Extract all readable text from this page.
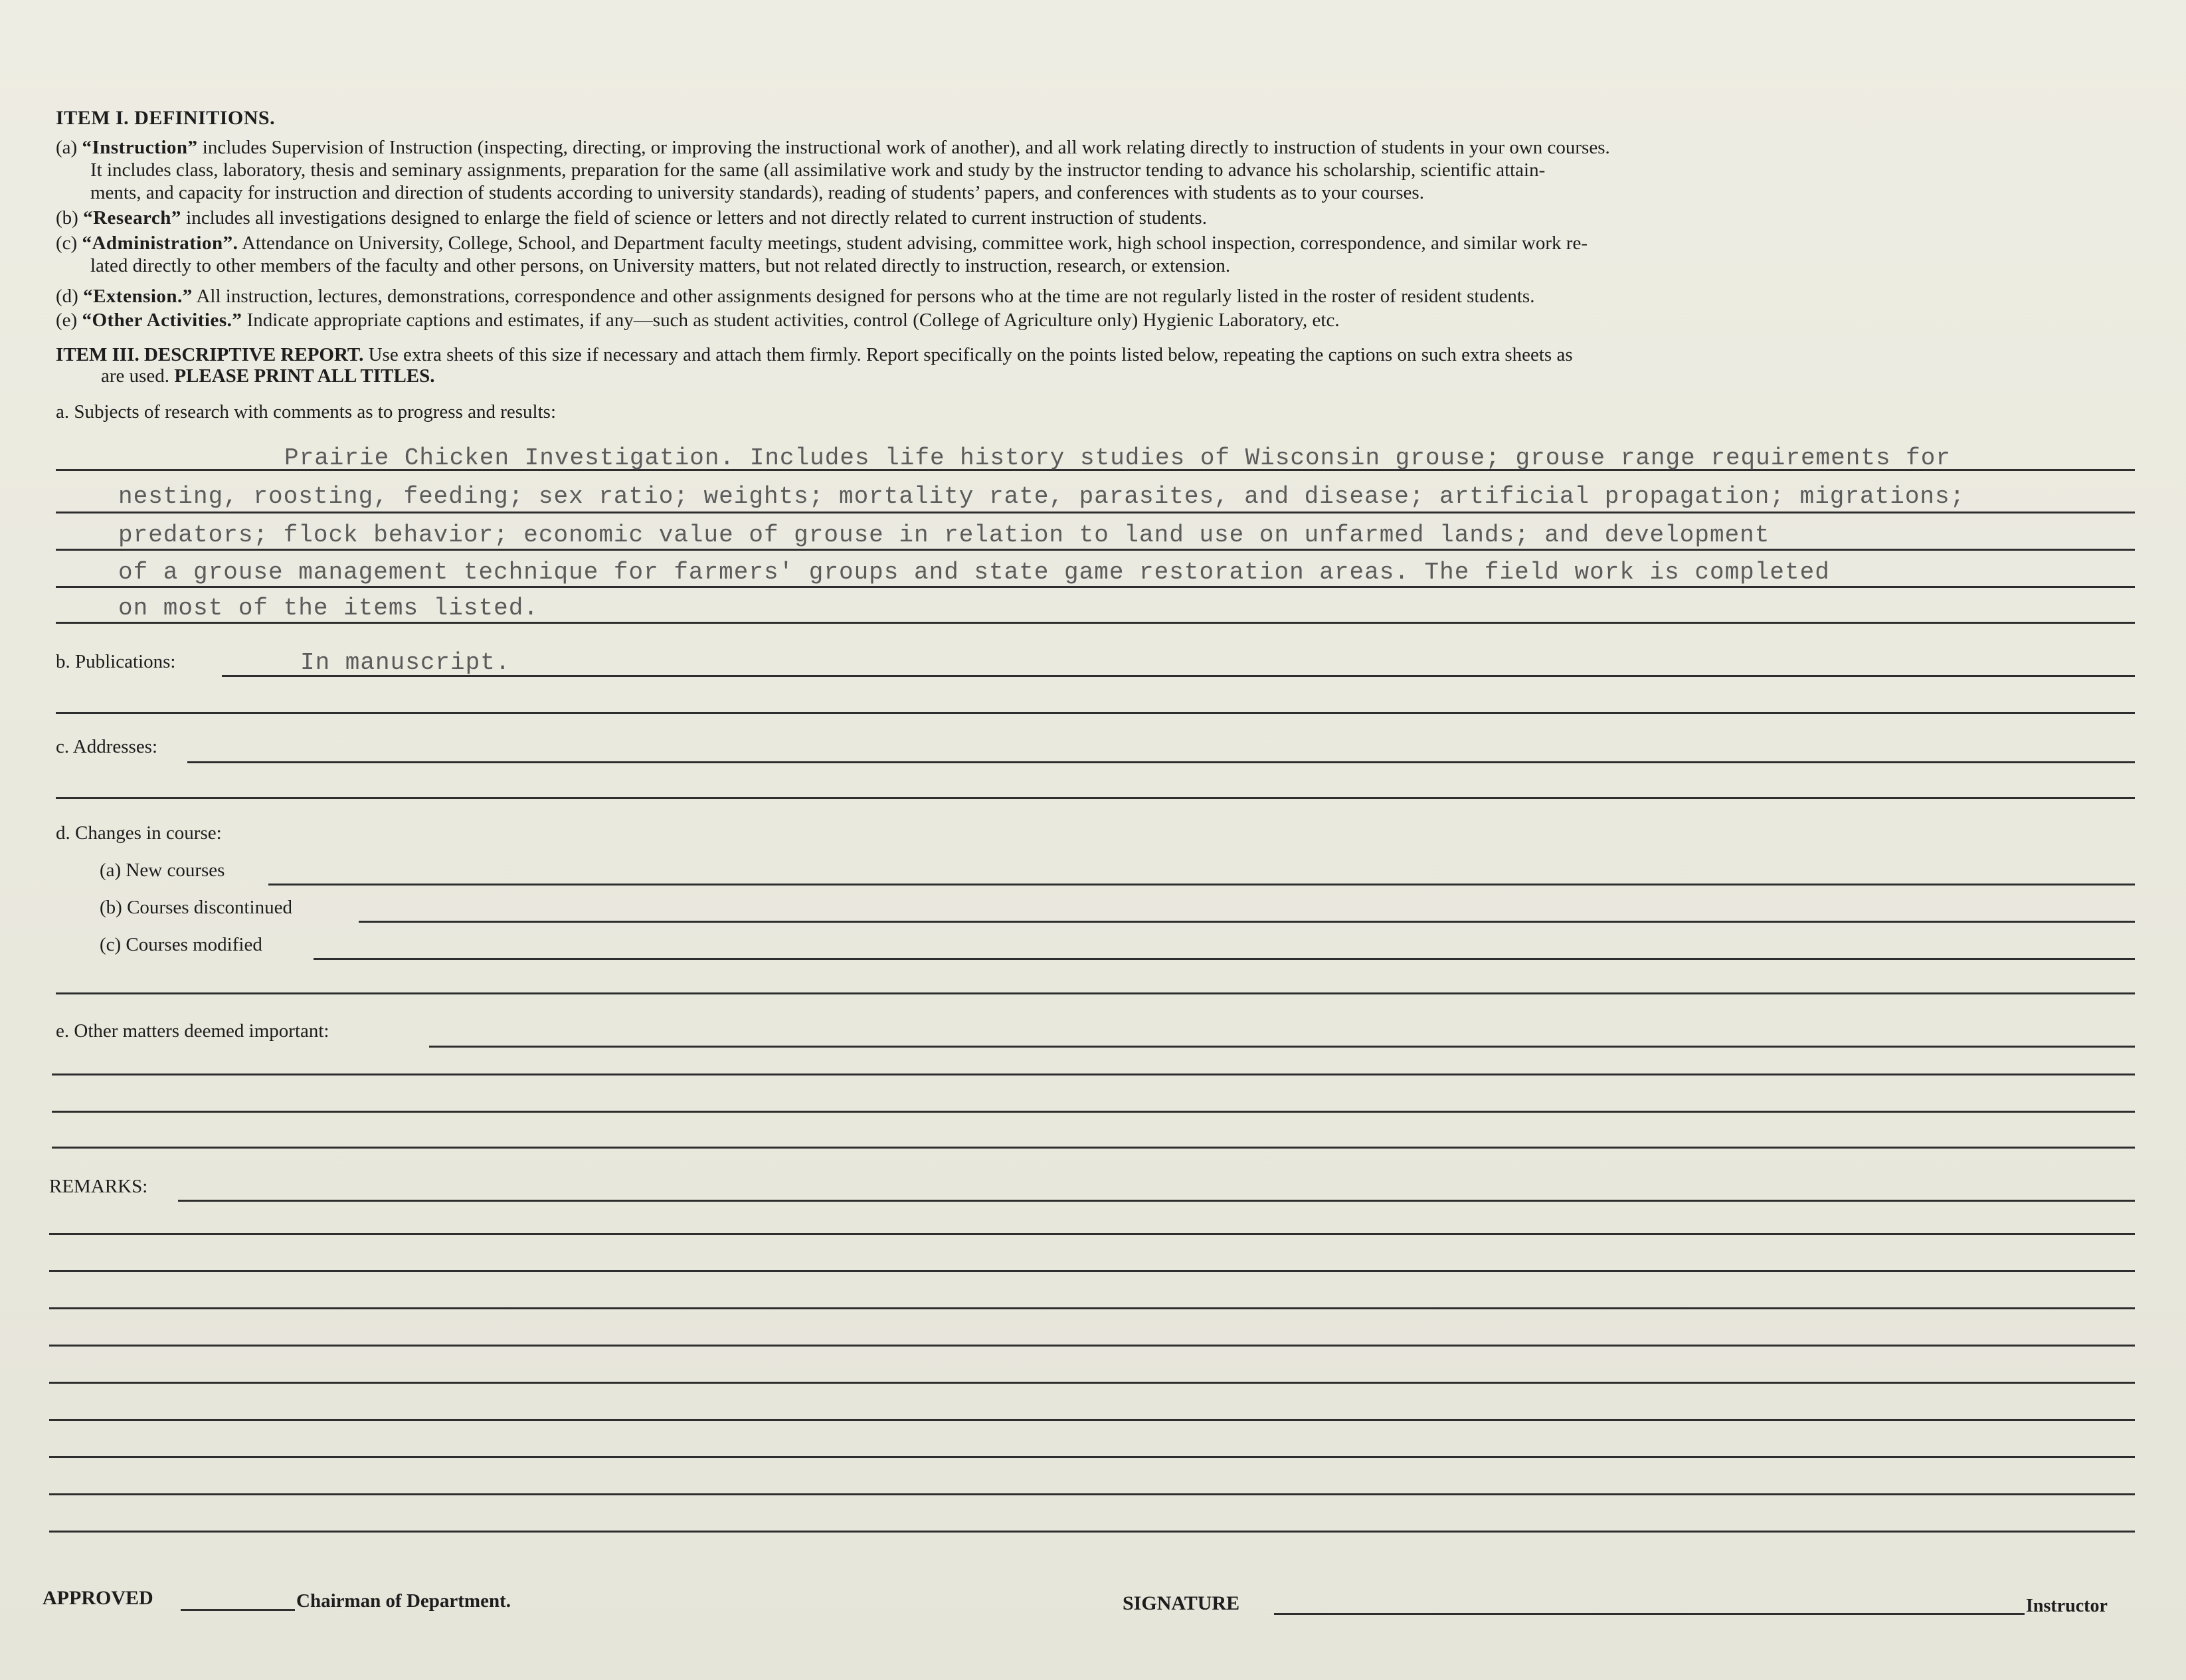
ITEM I. DEFINITIONS.
(a) “Instruction” includes Supervision of Instruction (inspecting, directing, or improving the instructional work of another), and all work relating directly to instruction of students in your own courses.
It includes class, laboratory, thesis and seminary assignments, preparation for the same (all assimilative work and study by the instructor tending to advance his scholarship, scientific attain-
ments, and capacity for instruction and direction of students according to university standards), reading of students’ papers, and conferences with students as to your courses.
(b) “Research” includes all investigations designed to enlarge the field of science or letters and not directly related to current instruction of students.
(c) “Administration”. Attendance on University, College, School, and Department faculty meetings, student advising, committee work, high school inspection, correspondence, and similar work re-
lated directly to other members of the faculty and other persons, on University matters, but not related directly to instruction, research, or extension.
(d) “Extension.” All instruction, lectures, demonstrations, correspondence and other assignments designed for persons who at the time are not regularly listed in the roster of resident students.
(e) “Other Activities.” Indicate appropriate captions and estimates, if any—such as student activities, control (College of Agriculture only) Hygienic Laboratory, etc.
ITEM III. DESCRIPTIVE REPORT. Use extra sheets of this size if necessary and attach them firmly. Report specifically on the points listed below, repeating the captions on such extra sheets as
are used. PLEASE PRINT ALL TITLES.
a. Subjects of research with comments as to progress and results:
Prairie Chicken Investigation. Includes life history studies of Wisconsin grouse; grouse range requirements for
nesting, roosting, feeding; sex ratio; weights; mortality rate, parasites, and disease; artificial propagation; migrations;
predators; flock behavior; economic value of grouse in relation to land use on unfarmed lands; and development
of a grouse management technique for farmers' groups and state game restoration areas. The field work is completed
on most of the items listed.
b. Publications:	In manuscript.
c. Addresses:
d. Changes in course:
(a) New courses
(b) Courses discontinued
(c) Courses modified
e. Other matters deemed important:
REMARKS:
APPROVED	Chairman of Department.	SIGNATURE	Instructor
